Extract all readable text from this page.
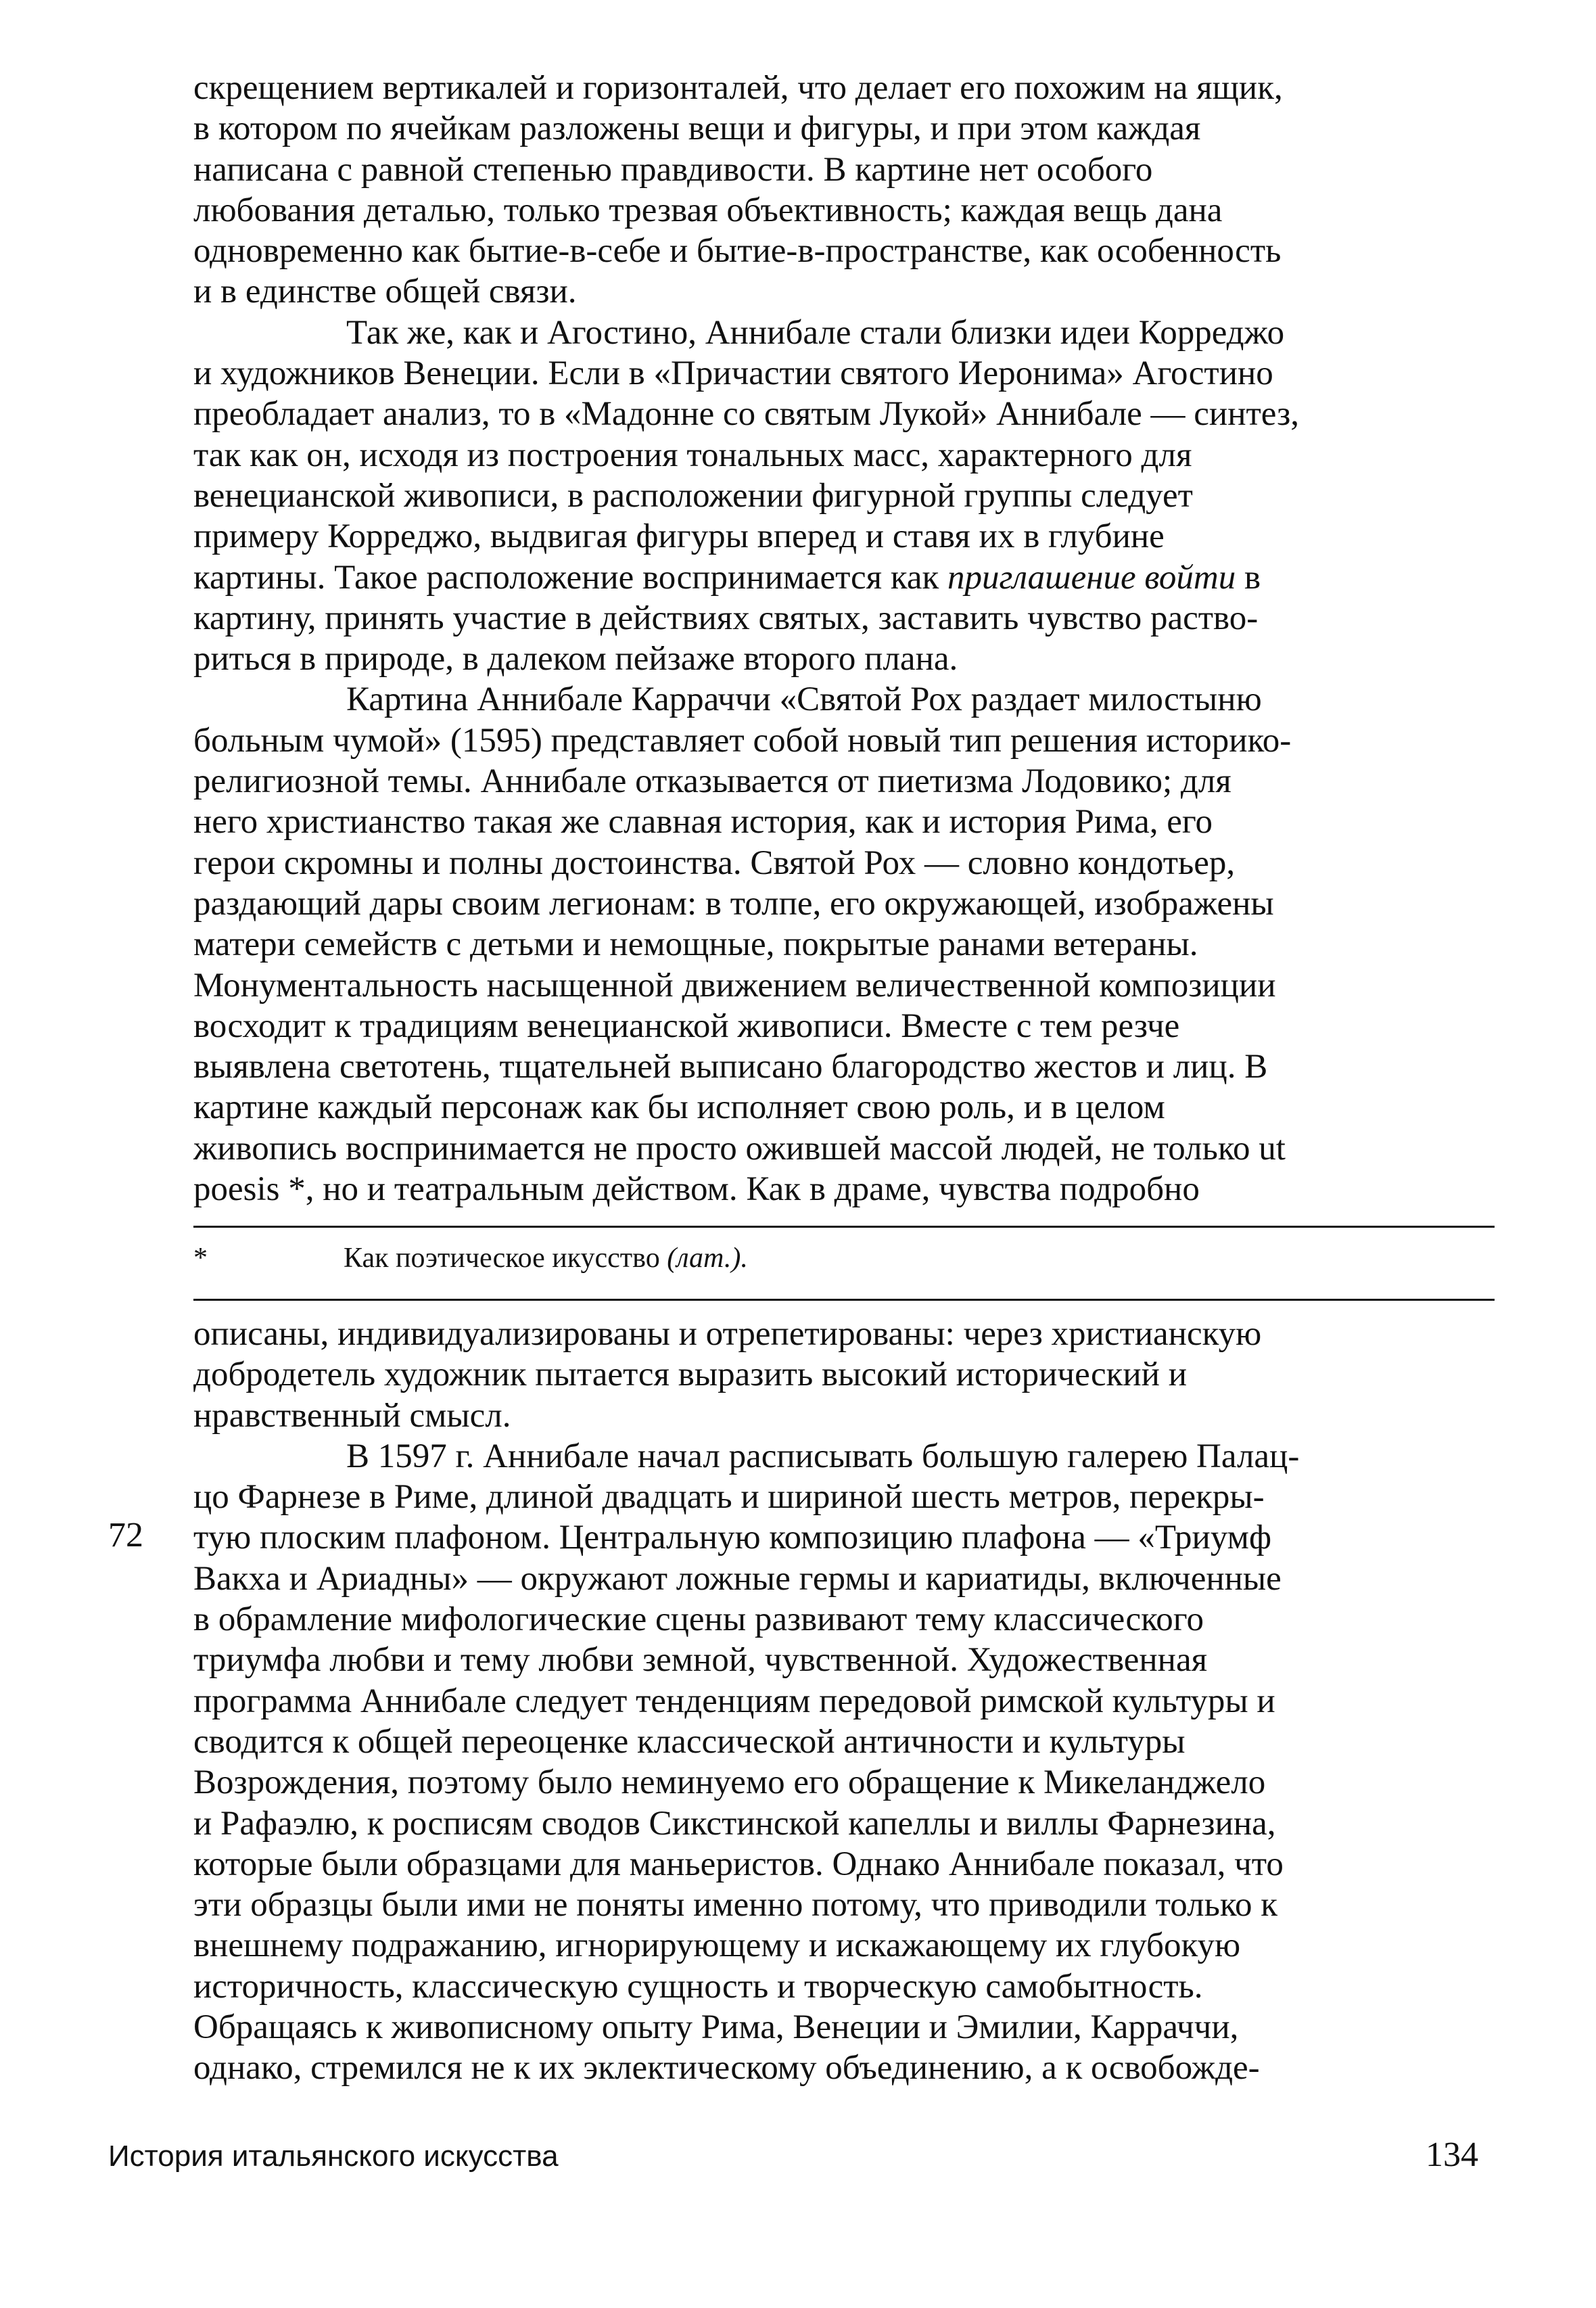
скрещением вертикалей и горизонталей, что делает его похожим на ящик,
в котором по ячейкам разложены вещи и фигуры, и при этом каждая
написана с равной степенью правдивости. В картине нет особого
любования деталью, только трезвая объективность; каждая вещь дана
одновременно как бытие-в-себе и бытие-в-пространстве, как особенность
и в единстве общей связи.
Так же, как и Агостино, Аннибале стали близки идеи Корреджо
и художников Венеции. Если в «Причастии святого Иеронима» Агостино
преобладает анализ, то в «Мадонне со святым Лукой» Аннибале — синтез,
так как он, исходя из построения тональных масс, характерного для
венецианской живописи, в расположении фигурной группы следует
примеру Корреджо, выдвигая фигуры вперед и ставя их в глубине
картины. Такое расположение воспринимается как приглашение войти в
картину, принять участие в действиях святых, заставить чувство раство-
риться в природе, в далеком пейзаже второго плана.
Картина Аннибале Карраччи «Святой Рох раздает милостыню
больным чумой» (1595) представляет собой новый тип решения историко-
религиозной темы. Аннибале отказывается от пиетизма Лодовико; для
него христианство такая же славная история, как и история Рима, его
герои скромны и полны достоинства. Святой Рох — словно кондотьер,
раздающий дары своим легионам: в толпе, его окружающей, изображены
матери семейств с детьми и немощные, покрытые ранами ветераны.
Монументальность насыщенной движением величественной композиции
восходит к традициям венецианской живописи. Вместе с тем резче
выявлена светотень, тщательней выписано благородство жестов и лиц. В
картине каждый персонаж как бы исполняет свою роль, и в целом
живопись воспринимается не просто ожившей массой людей, не только ut
poesis *, но и театральным действом. Как в драме, чувства подробно
*	Как поэтическое икусство (лат.).
описаны, индивидуализированы и отрепетированы: через христианскую
добродетель художник пытается выразить высокий исторический и
нравственный смысл.
В 1597 г. Аннибале начал расписывать большую галерею Палац-
цо Фарнезе в Риме, длиной двадцать и шириной шесть метров, перекры-
тую плоским плафоном. Центральную композицию плафона — «Триумф
Вакха и Ариадны» — окружают ложные гермы и кариатиды, включенные
в обрамление мифологические сцены развивают тему классического
триумфа любви и тему любви земной, чувственной. Художественная
программа Аннибале следует тенденциям передовой римской культуры и
сводится к общей переоценке классической античности и культуры
Возрождения, поэтому было неминуемо его обращение к Микеланджело
и Рафаэлю, к росписям сводов Сикстинской капеллы и виллы Фарнезина,
которые были образцами для маньеристов. Однако Аннибале показал, что
эти образцы были ими не поняты именно потому, что приводили только к
внешнему подражанию, игнорирующему и искажающему их глубокую
историчность, классическую сущность и творческую самобытность.
Обращаясь к живописному опыту Рима, Венеции и Эмилии, Карраччи,
однако, стремился не к их эклектическому объединению, а к освобожде-
72
История итальянского искусства	134
